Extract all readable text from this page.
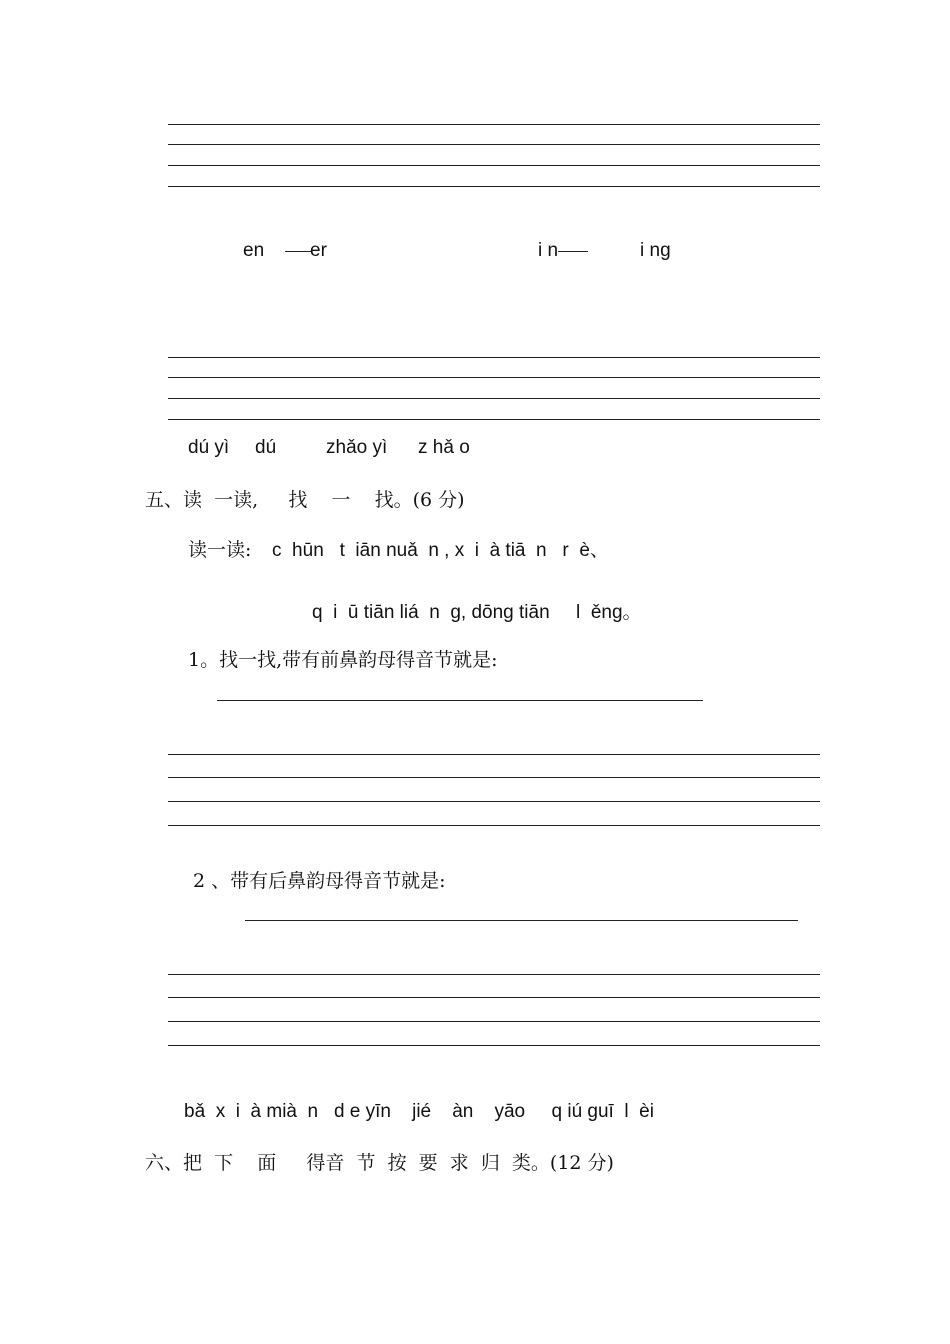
en er	i n	i ng
dú yì dú	zhǎo yì z hǎ o
五、读  一读,     找    一    找。(6 分)
读一读: c  hūn   t  iān nuǎ  n , x  i  à tiā  n   r  è、
q  i  ū tiān liá  n  g, dōng tiān     l  ěng。
1。找一找,带有前鼻韵母得音节就是:
2 、带有后鼻韵母得音节就是:
bǎ  x  i  à mià  n   d e yīn    jié    àn    yāo     q iú guī  l  èi
六、把  下    面     得音  节  按  要  求  归  类。(12 分)
